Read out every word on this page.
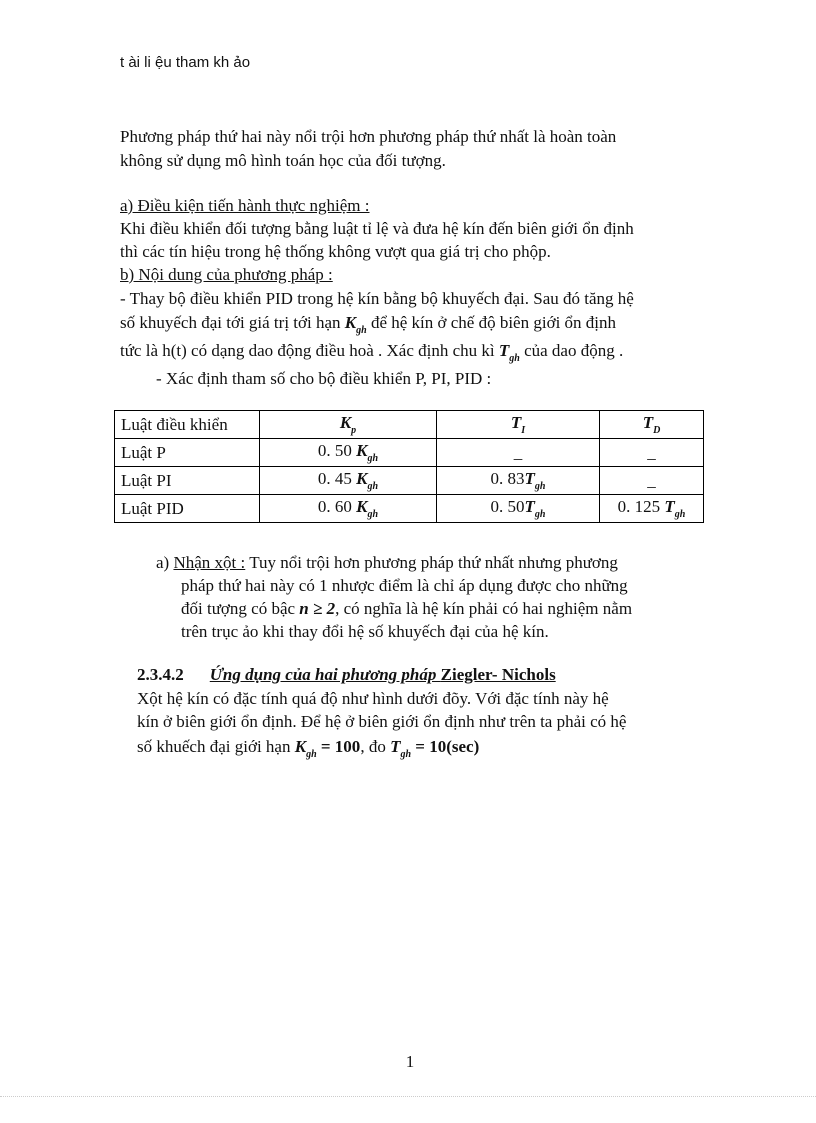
t ài li ệu tham kh ảo
Phương pháp thứ hai này nổi trội hơn phương pháp thứ nhất là hoàn toàn
không sử dụng mô hình toán học của đối tượng.
a) Điều kiện tiến hành thực nghiệm :
Khi điều khiển đối tượng bằng luật tỉ lệ và đưa hệ kín đến biên giới ổn định
thì các tín hiệu trong hệ thống không vượt qua giá trị cho phộp.
b) Nội dung của phương pháp :
- Thay bộ điều khiển PID trong hệ kín bằng bộ khuyếch đại. Sau đó tăng hệ
số khuyếch đại tới giá trị tới hạn $K_{gh}$ để hệ kín ở chế độ biên giới ổn định
tức là h(t) có dạng dao động điều hoà . Xác định chu kì $T_{gh}$ của dao động .
- Xác định tham số cho bộ điều khiển P, PI, PID :
Luật điều khiển	$K_p$	$T_I$	$T_D$
Luật P	0. 50 $K_{gh}$	_	_
Luật PI	0. 45 $K_{gh}$	0. $83T_{gh}$	_
Luật PID	0. 60 $K_{gh}$	0. $50T_{gh}$	0. 125 $T_{gh}$
a) Nhận xột : Tuy nổi trội hơn phương pháp thứ nhất nhưng phương
pháp thứ hai này có 1 nhược điểm là chỉ áp dụng được cho những
đối tượng có bậc n ≥ 2, có nghĩa là hệ kín phải có hai nghiệm nằm
trên trục ảo khi thay đổi hệ số khuyếch đại của hệ kín.
2.3.4.2 Ứng dụng của hai phương pháp Ziegler- Nichols
Xột hệ kín có đặc tính quá độ như hình dưới đõy. Với đặc tính này hệ
kín ở biên giới ổn định. Để hệ ở biên giới ổn định như trên ta phải có hệ
số khuếch đại giới hạn $K_{gh} = 100$, đo $T_{gh} = 10(\sec)$
1
